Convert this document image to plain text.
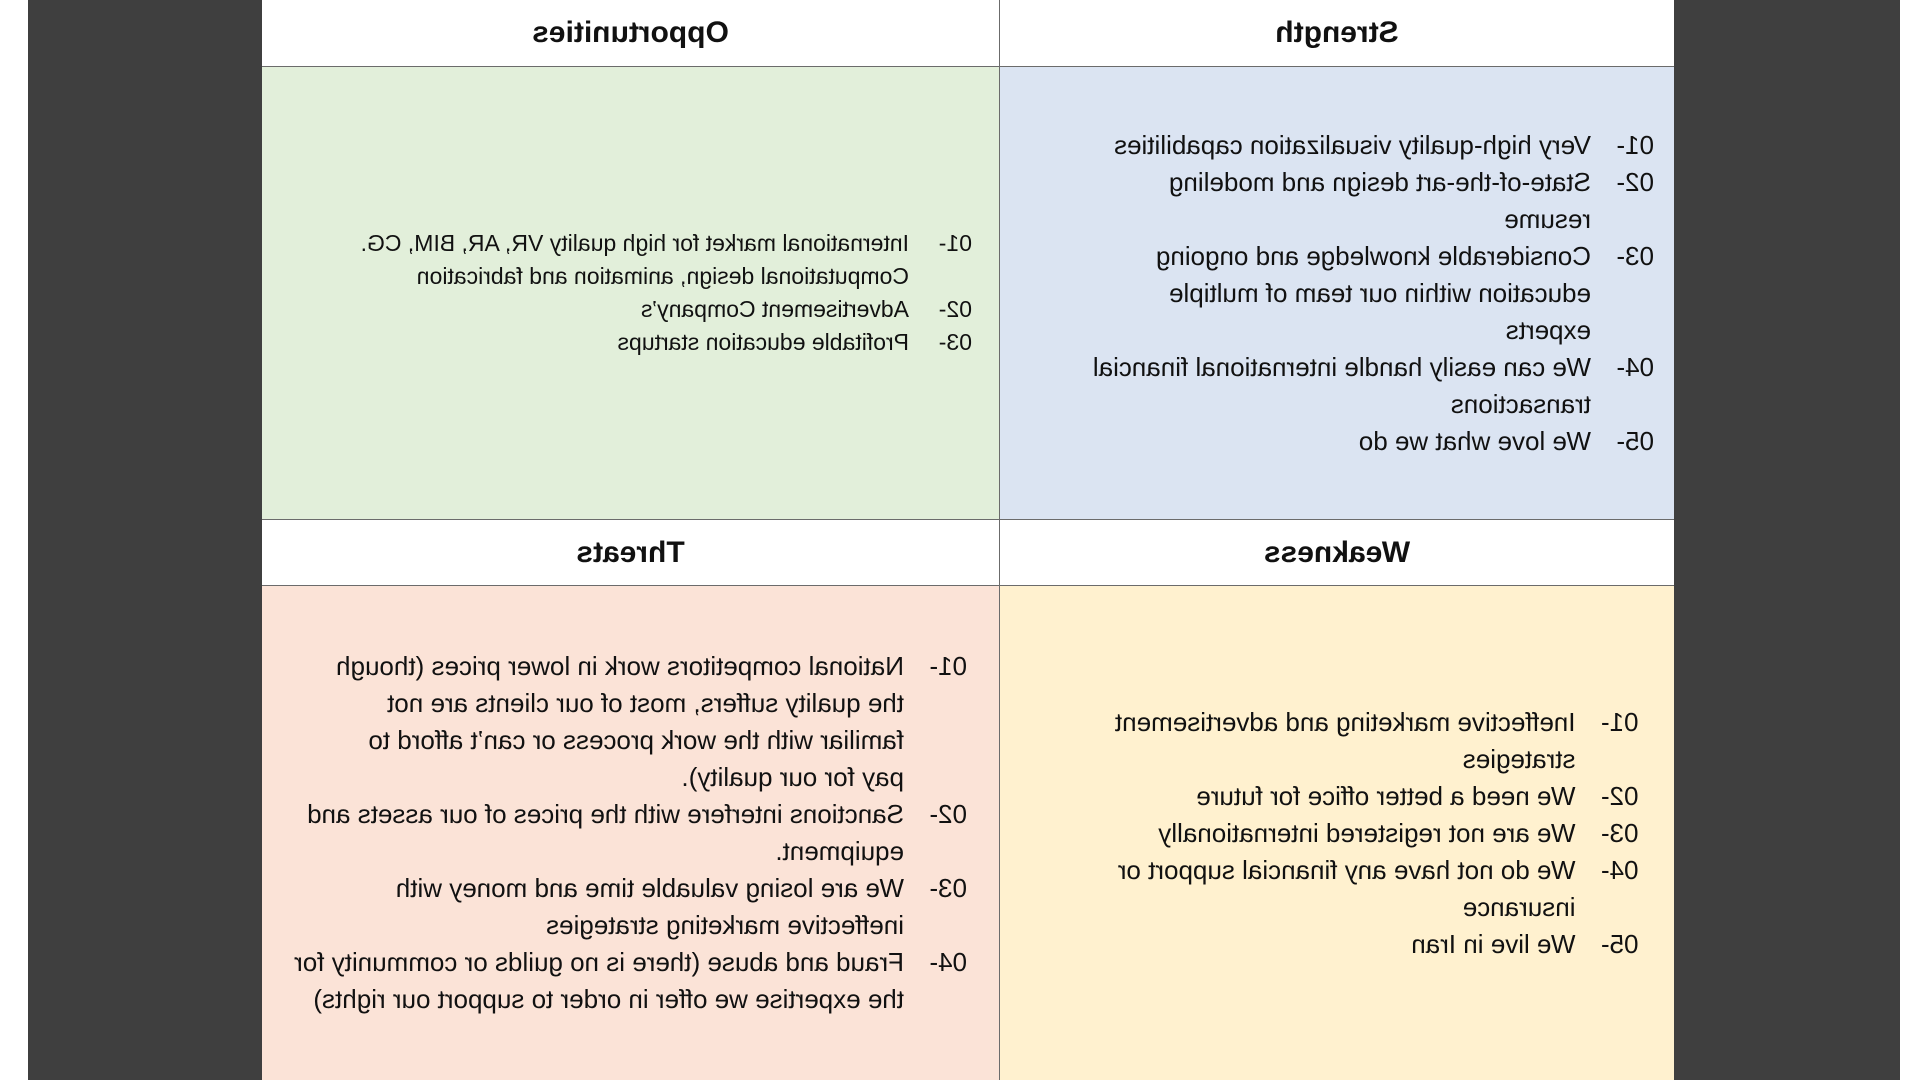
Strength
Opportunities
01-
Very high-quality visualization capabilities
02-
State-of-the-art design and modeling resume
03-
Considerable knowledge and ongoing education within our team of multiple experts
04-
We can easily handle international financial transactions
05-
We love what we do
01-
International market for high quality VR, AR, BIM, CG. Computational design, animation and fabrication
02-
Advertisement Company’s
03-
Profitable education startups
Weakness
Threats
01-
Ineffective marketing and advertisement strategies
02-
We need a better office for future
03-
We are not registered internationally
04-
We do not have any financial support or insurance
05-
We live in Iran
01-
National competitors work in lower prices (though the quality suffers, most of our clients are not familiar with the work process or can’t afford to pay for our quality).
02-
Sanctions interfere with the prices of our assets and equipment.
03-
We are losing valuable time and money with ineffective marketing strategies
04-
Fraud and abuse (there is no guilds or community for the expertise we offer in order to support our rights)
